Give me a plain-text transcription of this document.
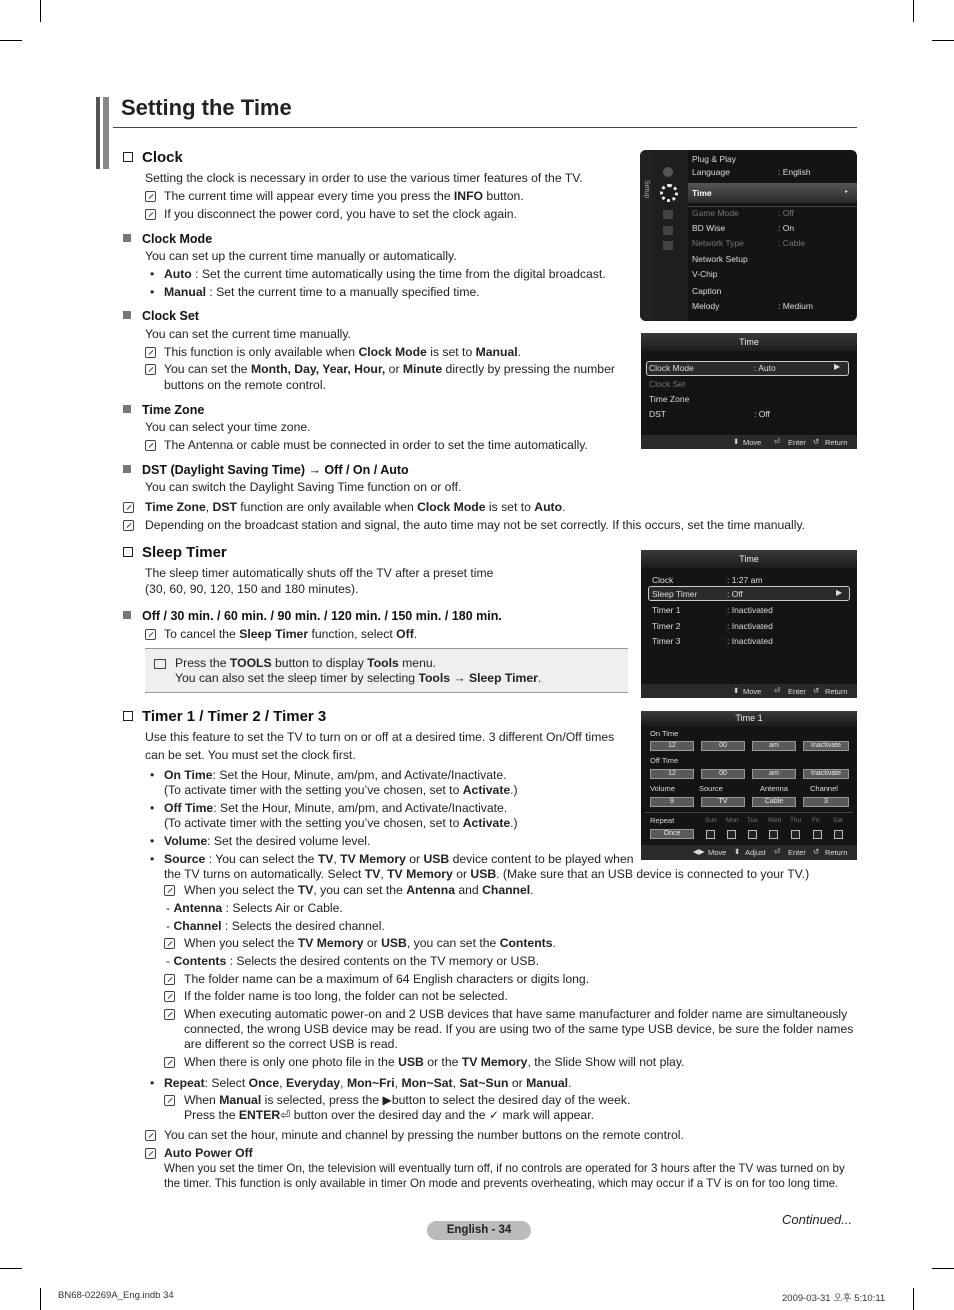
Setting the Time
Clock
Setting the clock is necessary in order to use the various timer features of the TV.
The current time will appear every time you press the INFO button.
If you disconnect the power cord, you have to set the clock again.
Clock Mode
You can set up the current time manually or automatically.
• Auto : Set the current time automatically using the time from the digital broadcast.
• Manual : Set the current time to a manually specified time.
Clock Set
You can set the current time manually.
This function is only available when Clock Mode is set to Manual.
You can set the Month, Day, Year, Hour, or Minute directly by pressing the number
buttons on the remote control.
Time Zone
You can select your time zone.
The Antenna or cable must be connected in order to set the time automatically.
DST (Daylight Saving Time) → Off / On / Auto
You can switch the Daylight Saving Time function on or off.
Time Zone, DST function are only available when Clock Mode is set to Auto.
Depending on the broadcast station and signal, the auto time may not be set correctly. If this occurs, set the time manually.
Setup
Plug & Play
Language	: English
Time	▸
Game Mode	: Off
BD Wise	: On
Network Type	: Cable
Network Setup
V-Chip
Caption
Melody	: Medium
Time
Clock Mode	: Auto	▶
Clock Set
Time Zone
DST	: Off
⬍ Move ⏎ Enter ↺ Return
Sleep Timer
The sleep timer automatically shuts off the TV after a preset time
(30, 60, 90, 120, 150 and 180 minutes).
Off / 30 min. / 60 min. / 90 min. / 120 min. / 150 min. / 180 min.
To cancel the Sleep Timer function, select Off.
Press the TOOLS button to display Tools menu.
You can also set the sleep timer by selecting Tools → Sleep Timer.
Time
Clock	: 1:27 am
Sleep Timer	: Off	▶
Timer 1	: Inactivated
Timer 2	: Inactivated
Timer 3	: Inactivated
⬍ Move ⏎ Enter ↺ Return
Timer 1 / Timer 2 / Timer 3
Use this feature to set the TV to turn on or off at a desired time. 3 different On/Off times
can be set. You must set the clock first.
• On Time: Set the Hour, Minute, am/pm, and Activate/Inactivate.
(To activate timer with the setting you’ve chosen, set to Activate.)
• Off Time: Set the Hour, Minute, am/pm, and Activate/Inactivate.
(To activate timer with the setting you’ve chosen, set to Activate.)
• Volume: Set the desired volume level.
• Source : You can select the TV, TV Memory or USB device content to be played when
the TV turns on automatically. Select TV, TV Memory or USB. (Make sure that an USB device is connected to your TV.)
When you select the TV, you can set the Antenna and Channel.
- Antenna : Selects Air or Cable.
- Channel : Selects the desired channel.
When you select the TV Memory or USB, you can set the Contents.
- Contents : Selects the desired contents on the TV memory or USB.
The folder name can be a maximum of 64 English characters or digits long.
If the folder name is too long, the folder can not be selected.
When executing automatic power-on and 2 USB devices that have same manufacturer and folder name are simultaneously
connected, the wrong USB device may be read. If you are using two of the same type USB device, be sure the folder names
are different so the correct USB is read.
When there is only one photo file in the USB or the TV Memory, the Slide Show will not play.
• Repeat: Select Once, Everyday, Mon~Fri, Mon~Sat, Sat~Sun or Manual.
When Manual is selected, press the ▶button to select the desired day of the week.
Press the ENTER⏎ button over the desired day and the ✓ mark will appear.
You can set the hour, minute and channel by pressing the number buttons on the remote control.
Auto Power Off
When you set the timer On, the television will eventually turn off, if no controls are operated for 3 hours after the TV was turned on by
the timer. This function is only available in timer On mode and prevents overheating, which may occur if a TV is on for too long time.
Time 1
On Time
12	00	am	Inactivate
Off Time
12	00	am	Inactivate
Volume	Source	Antenna	Channel
9	TV	Cable	3
Repeat
Once
Sun Mon Tue Wed Thu Fri Sat
◀▶ Move ⬍ Adjust ⏎ Enter ↺ Return
Continued...
English - 34
BN68-02269A_Eng.indb 34	2009-03-31 오후 5:10:11
